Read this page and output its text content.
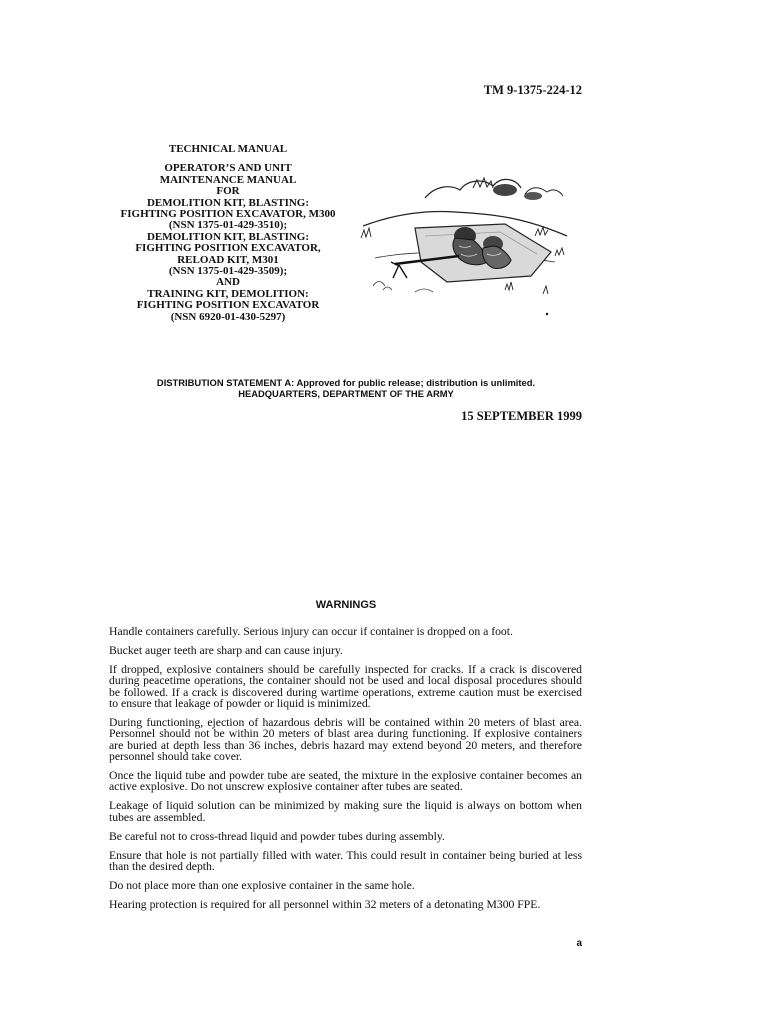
TM 9-1375-224-12
TECHNICAL MANUAL
OPERATOR’S AND UNIT
MAINTENANCE MANUAL
FOR
DEMOLITION KIT, BLASTING:
FIGHTING POSITION EXCAVATOR, M300
(NSN 1375-01-429-3510);
DEMOLITION KIT, BLASTING:
FIGHTING POSITION EXCAVATOR,
RELOAD KIT, M301
(NSN 1375-01-429-3509);
AND
TRAINING KIT, DEMOLITION:
FIGHTING POSITION EXCAVATOR
(NSN 6920-01-430-5297)
DISTRIBUTION STATEMENT A: Approved for public release; distribution is unlimited.
HEADQUARTERS, DEPARTMENT OF THE ARMY
15 SEPTEMBER 1999
WARNINGS

Handle containers carefully. Serious injury can occur if container is dropped on a foot.

Bucket auger teeth are sharp and can cause injury.

If dropped, explosive containers should be carefully inspected for cracks. If a crack is discovered during peacetime operations, the container should not be used and local disposal procedures should be followed. If a crack is discovered during wartime operations, extreme caution must be exercised to ensure that leakage of powder or liquid is minimized.

During functioning, ejection of hazardous debris will be contained within 20 meters of blast area. Personnel should not be within 20 meters of blast area during functioning. If explosive containers are buried at depth less than 36 inches, debris hazard may extend beyond 20 meters, and therefore personnel should take cover.

Once the liquid tube and powder tube are seated, the mixture in the explosive container becomes an active explosive. Do not unscrew explosive container after tubes are seated.

Leakage of liquid solution can be minimized by making sure the liquid is always on bottom when tubes are assembled.

Be careful not to cross-thread liquid and powder tubes during assembly.

Ensure that hole is not partially filled with water. This could result in container being buried at less than the desired depth.

Do not place more than one explosive container in the same hole.

Hearing protection is required for all personnel within 32 meters of a detonating M300 FPE.

a
